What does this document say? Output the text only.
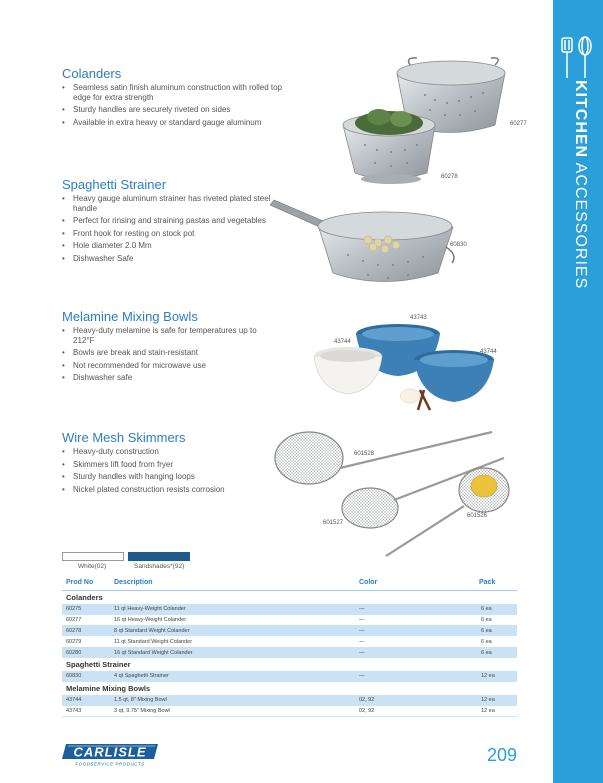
KITCHEN ACCESSORIES
Colanders
• Seamless satin finish aluminum construction with rolled top edge for extra strength
• Sturdy handles are securely riveted on sides
• Available in extra heavy or standard gauge aluminum
Spaghetti Strainer
• Heavy gauge aluminum strainer has riveted plated steel handle
• Perfect for rinsing and straining pastas and vegetables
• Front hook for resting on stock pot
• Hole diameter 2.0 Mm
• Dishwasher Safe
Melamine Mixing Bowls
• Heavy-duty melamine is safe for temperatures up to 212°F
• Bowls are break and stain-resistant
• Not recommended for microwave use
• Dishwasher safe
Wire Mesh Skimmers
• Heavy-duty construction
• Skimmers lift food from fryer
• Sturdy handles with hanging loops
• Nickel plated construction resists corrosion
60277
60278
60830
43743
43744
43744
601528
601527
601526
White(02)	Sandshades*(92)
Prod No	Description	Color	Pack
Colanders			
60275	11 qt Heavy-Weight Colander	—	6 ea
60277	16 qt Heavy-Weight Colander	—	6 ea
60278	8 qt Standard Weight Colander	—	6 ea
60279	11 qt Standard Weight Colander	—	6 ea
60280	16 qt Standard Weight Colander	—	6 ea
Spaghetti Strainer			
60830	4 qt Spaghetti Strainer	—	12 ea
Melamine Mixing Bowls			
43744	1.5 qt, 8" Mixing Bowl	02, 92	12 ea
43743	3 qt, 9.75" Mixing Bowl	02, 92	12 ea
CARLISLE
FOODSERVICE PRODUCTS	209
